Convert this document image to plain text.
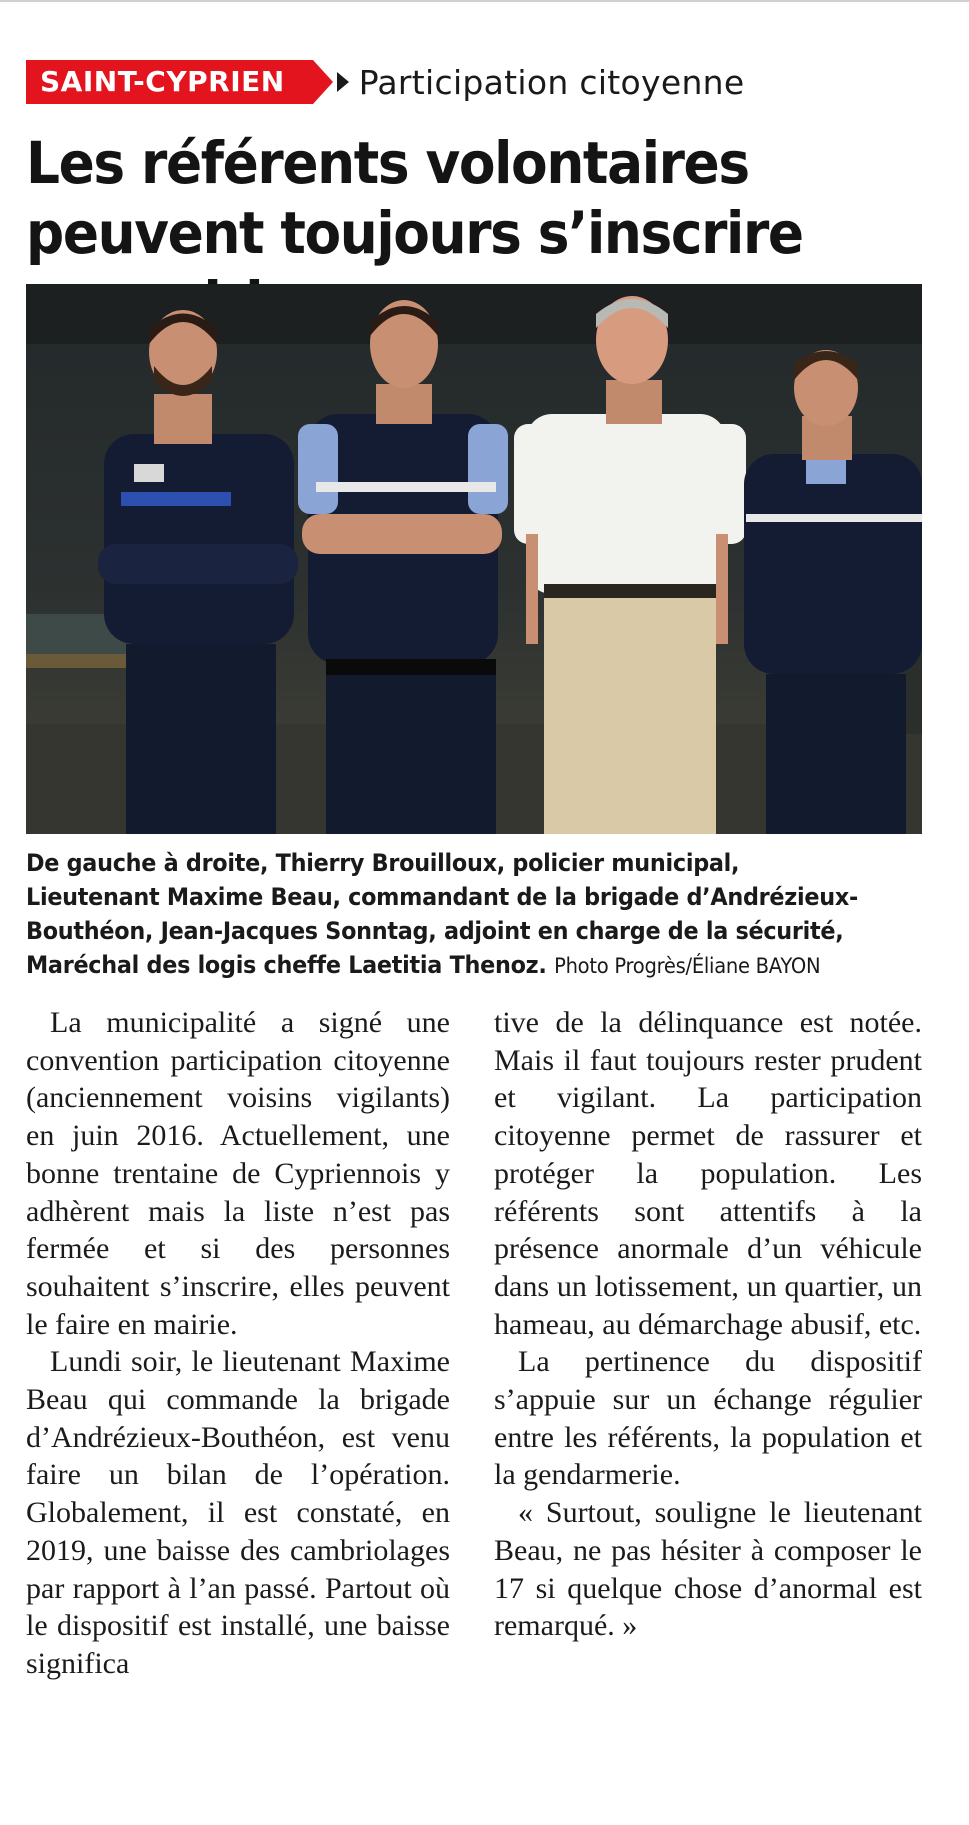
SAINT-CYPRIEN	Participation citoyenne
Les référents volontaires peuvent toujours s’inscrire

De gauche à droite, Thierry Brouilloux, policier municipal, Lieutenant Maxime Beau, commandant de la brigade d’Andrézieux-Bouthéon, Jean-Jacques Sonntag, adjoint en charge de la sécurité, Maréchal des logis cheffe Laetitia Thenoz. Photo Progrès/Éliane BAYON

La municipalité a signé une convention participation citoyenne (anciennement voisins vigilants) en juin 2016. Actuellement, une bonne trentaine de Cypriennois y adhèrent mais la liste n’est pas fermée et si des personnes souhaitent s’inscrire, elles peuvent le faire en mairie.

Lundi soir, le lieutenant Maxime Beau qui commande la brigade d’Andrézieux-Bouthéon, est venu faire un bilan de l’opération. Globalement, il est constaté, en 2019, une baisse des cambriolages par rapport à l’an passé. Partout où le dispositif est installé, une baisse significa

tive de la délinquance est notée. Mais il faut toujours rester prudent et vigilant. La participation citoyenne permet de rassurer et protéger la population. Les référents sont attentifs à la présence anormale d’un véhicule dans un lotissement, un quartier, un hameau, au démarchage abusif, etc.

La pertinence du dispositif s’appuie sur un échange régulier entre les référents, la population et la gendarmerie.

« Surtout, souligne le lieutenant Beau, ne pas hésiter à composer le 17 si quelque chose d’anormal est remarqué. »
